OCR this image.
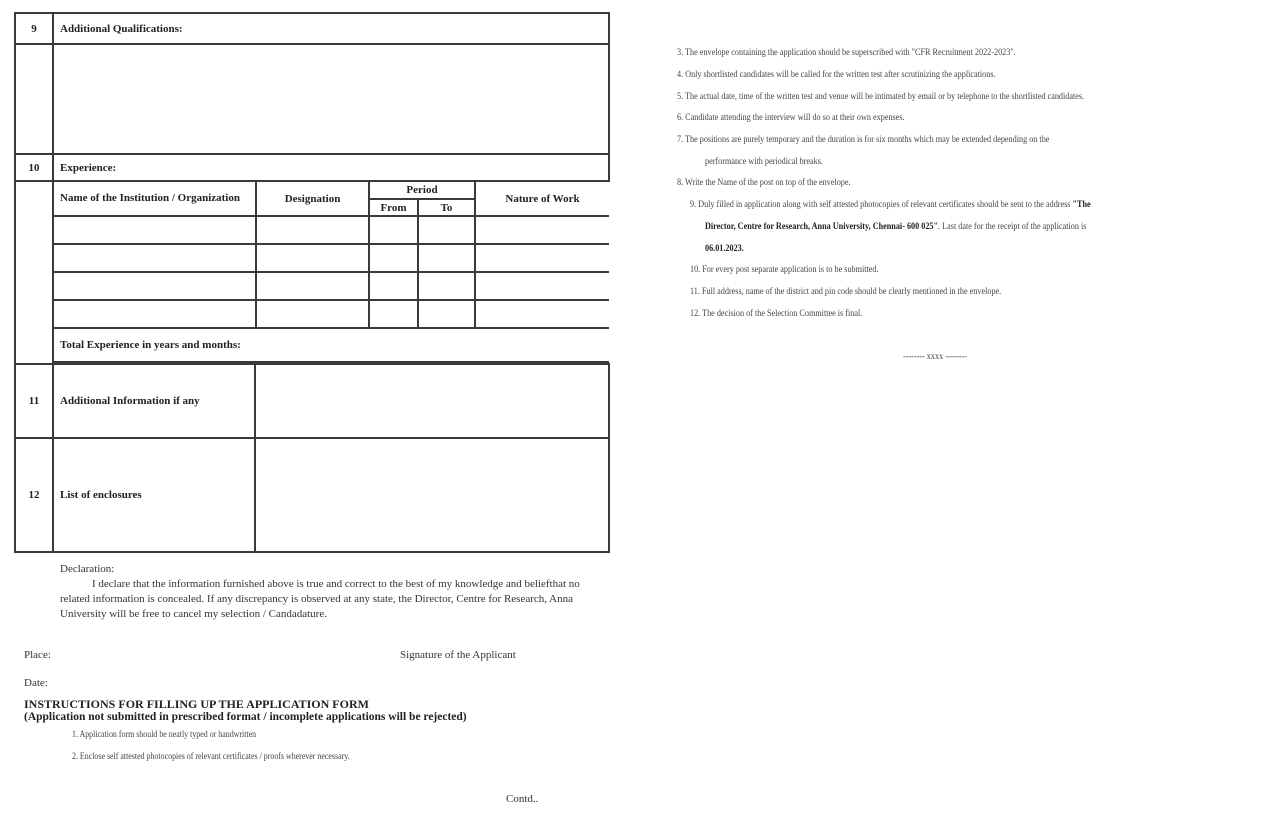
9	Additional Qualifications:

10	Experience:

Name of the Institution / Organization	Designation	Period	Nature of Work
From	To

Total Experience in years and months:

11	Additional Information if any	
12	List of enclosures	
Declaration:
I declare that the information furnished above is true and correct to the best of my knowledge and beliefthat no related information is concealed. If any discrepancy is observed at any state, the Director, Centre for Research, Anna University will be free to cancel my selection / Candadature.
Place:	Signature of the Applicant
Date:
INSTRUCTIONS FOR FILLING UP THE APPLICATION FORM
(Application not submitted in prescribed format / incomplete applications will be rejected)
1. Application form should be neatly typed or handwritten
2. Enclose self attested photocopies of relevant certificates / proofs wherever necessary.
Contd..
3. The envelope containing the application should be superscribed with "CFR Recruitment 2022-2023".
4. Only shortlisted candidates will be called for the written test after scrutinizing the applications.
5. The actual date, time of the written test and venue will be intimated by email or by telephone to the shortlisted candidates.
6. Candidate attending the interview will do so at their own expenses.
7. The positions are purely temporary and the duration is for six months which may be extended depending on the
performance with periodical breaks.
8. Write the Name of the post on top of the envelope.
9. Duly filled in application along with self attested photocopies of relevant certificates should be sent to the address "The
Director, Centre for Research, Anna University, Chennai- 600 025". Last date for the receipt of the application is
06.01.2023.
10. For every post separate application is to be submitted.
11. Full address, name of the district and pin code should be clearly mentioned in the envelope.
12. The decision of the Selection Committee is final.
-------- xxxx --------
